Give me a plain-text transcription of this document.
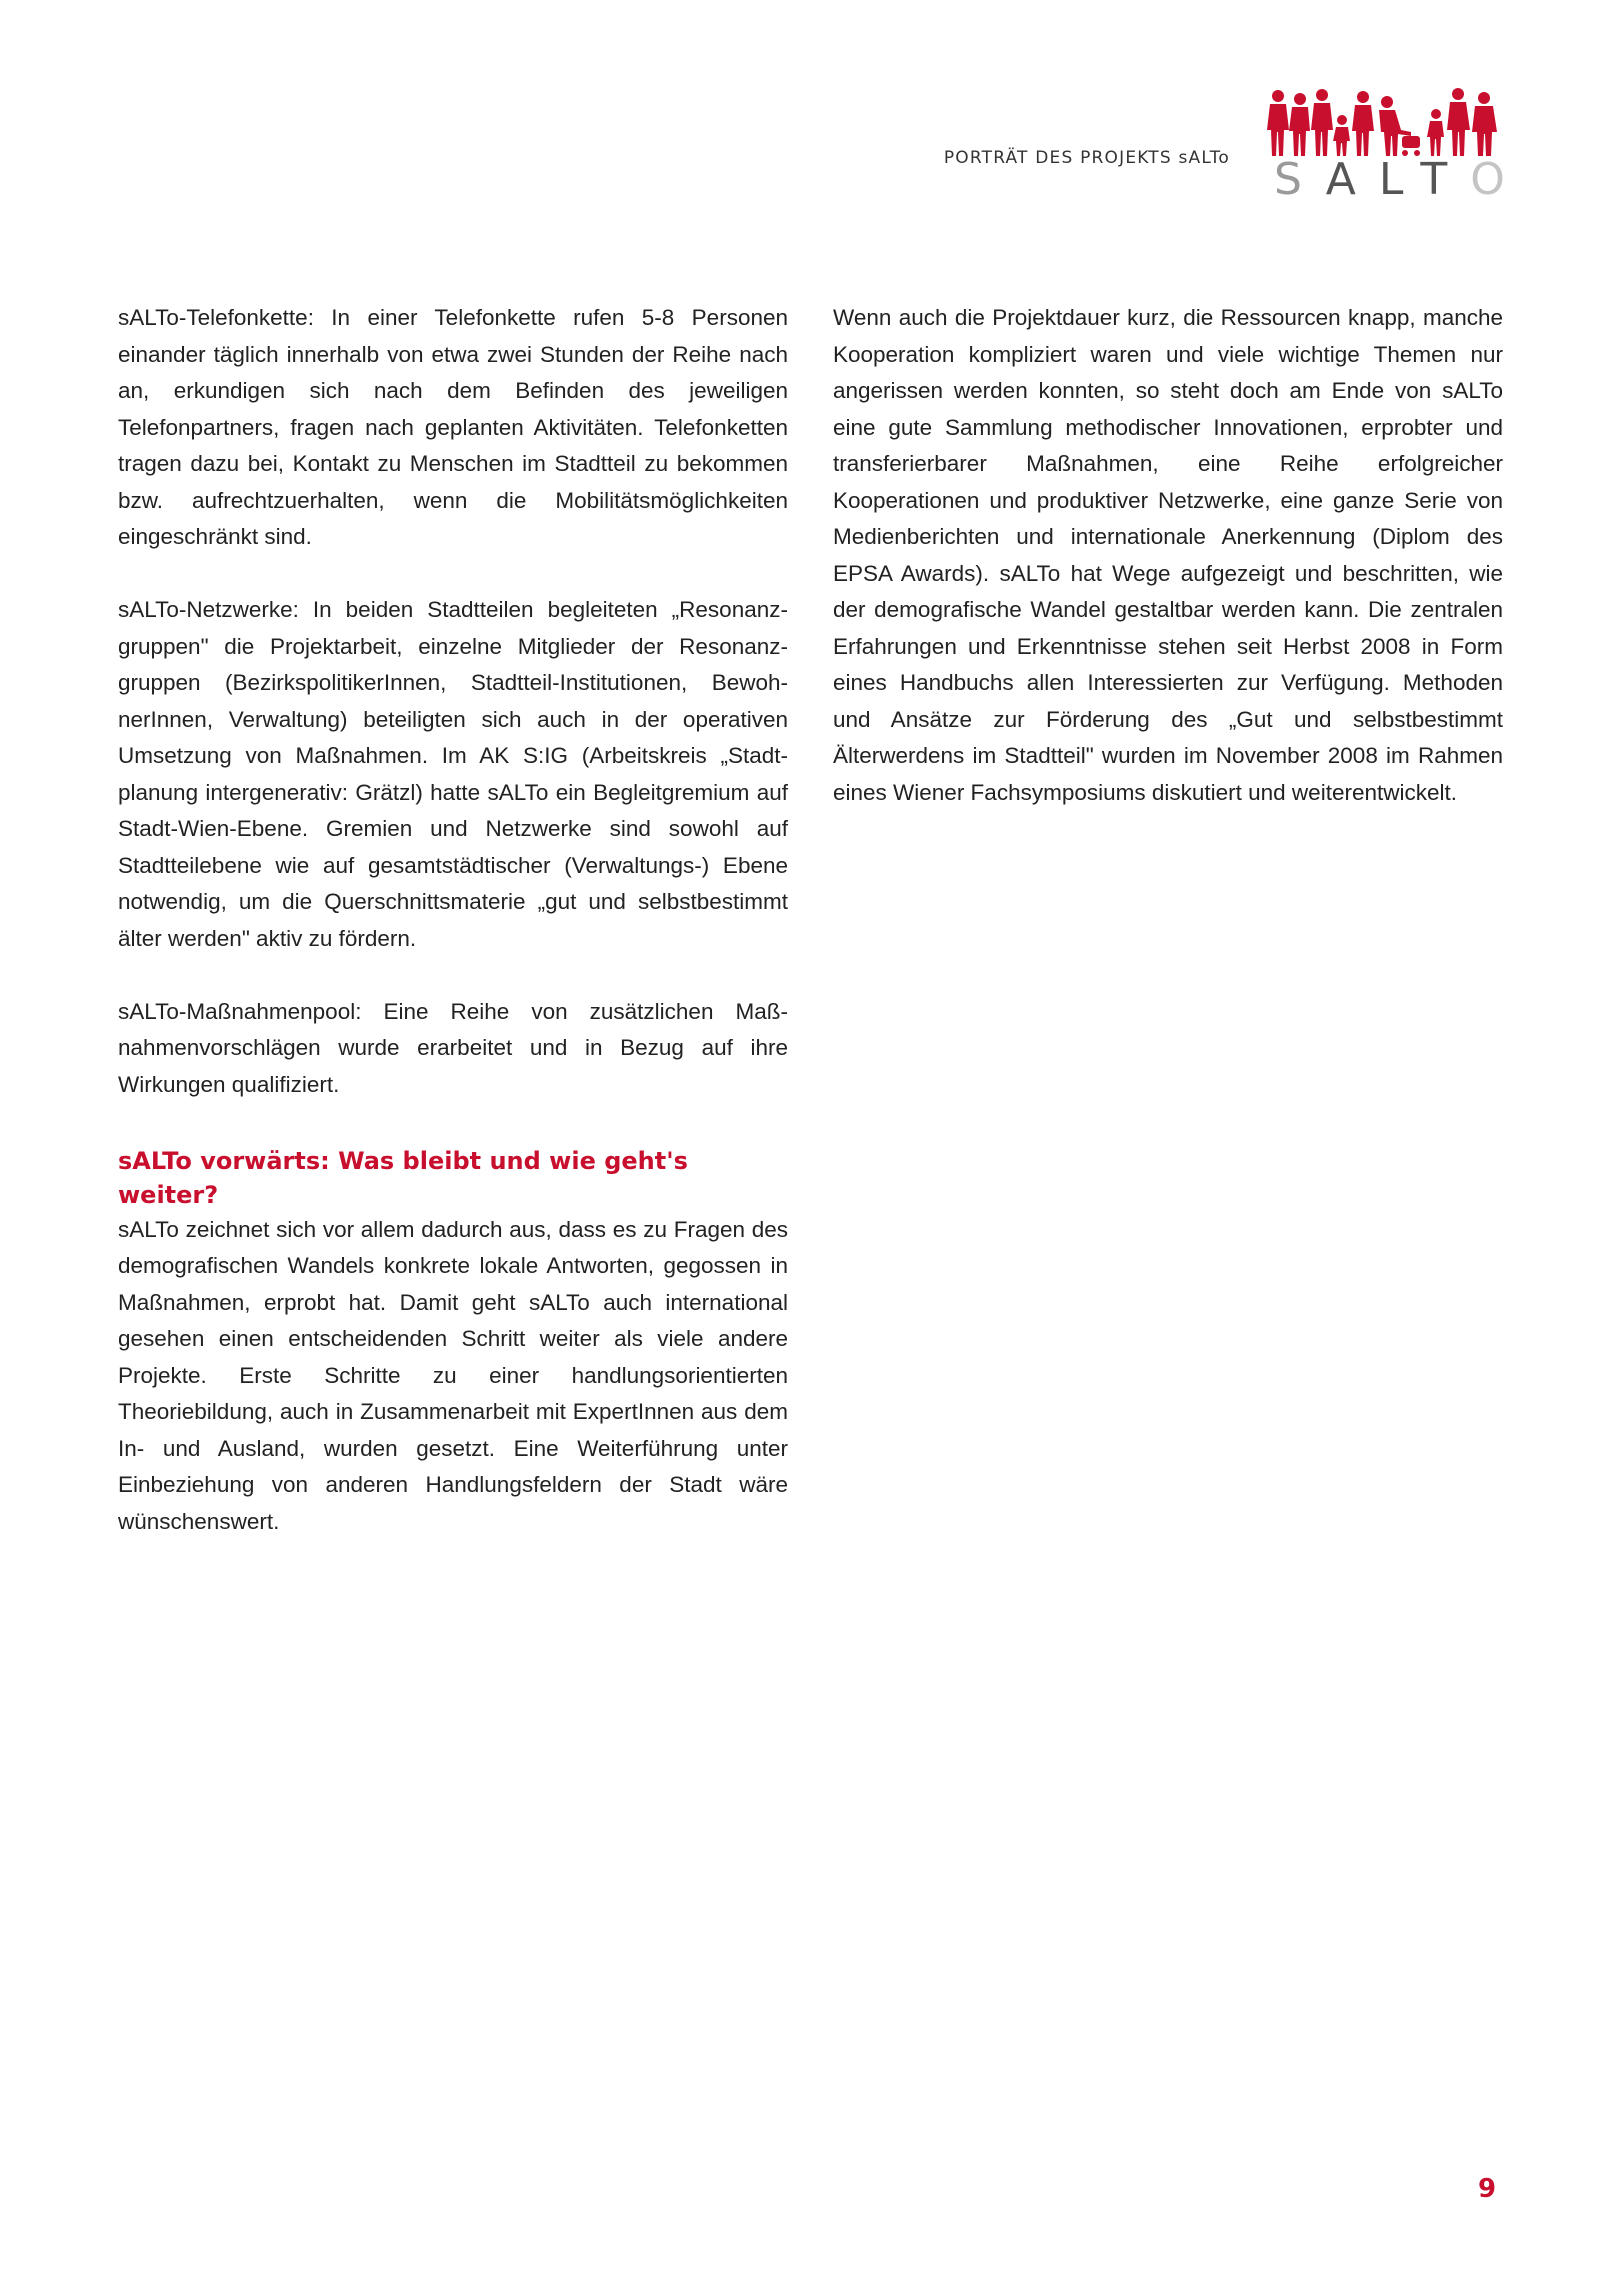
PORTRÄT DES PROJEKTS sALTo SALTO

sALTo-Telefonkette: In einer Telefonkette rufen 5-8 Personen einander täglich innerhalb von etwa zwei Stunden der Reihe nach an, erkundigen sich nach dem Befinden des jeweiligen Telefonpartners, fragen nach geplanten Aktivitäten. Telefonketten tragen dazu bei, Kontakt zu Menschen im Stadtteil zu bekommen bzw. aufrechtzuerhalten, wenn die Mobilitätsmöglichkeiten eingeschränkt sind.

sALTo-Netzwerke: In beiden Stadtteilen begleiteten „Resonanzgruppen" die Projektarbeit, einzelne Mitglieder der Resonanzgruppen (BezirkspolitikerInnen, Stadtteil-Institutionen, BewohnerInnen, Verwaltung) beteiligten sich auch in der operativen Umsetzung von Maßnahmen. Im AK S:IG (Arbeitskreis „Stadtplanung intergenerativ: Grätzl) hatte sALTo ein Begleitgremium auf Stadt-Wien-Ebene. Gremien und Netzwerke sind sowohl auf Stadtteilebene wie auf gesamtstädtischer (Verwaltungs-) Ebene notwendig, um die Querschnittsmaterie „gut und selbstbestimmt älter werden" aktiv zu fördern.

sALTo-Maßnahmenpool: Eine Reihe von zusätzlichen Maßnahmenvorschlägen wurde erarbeitet und in Bezug auf ihre Wirkungen qualifiziert.

sALTo vorwärts: Was bleibt und wie geht's weiter?

sALTo zeichnet sich vor allem dadurch aus, dass es zu Fragen des demografischen Wandels konkrete lokale Antworten, gegossen in Maßnahmen, erprobt hat. Damit geht sALTo auch international gesehen einen entscheidenden Schritt weiter als viele andere Projekte. Erste Schritte zu einer handlungsorientierten Theoriebildung, auch in Zusammenarbeit mit ExpertInnen aus dem In- und Ausland, wurden gesetzt. Eine Weiterführung unter Einbeziehung von anderen Handlungsfeldern der Stadt wäre wünschenswert.

Wenn auch die Projektdauer kurz, die Ressourcen knapp, manche Kooperation kompliziert waren und viele wichtige Themen nur angerissen werden konnten, so steht doch am Ende von sALTo eine gute Sammlung methodischer Innovationen, erprobter und transferierbarer Maßnahmen, eine Reihe erfolgreicher Kooperationen und produktiver Netzwerke, eine ganze Serie von Medienberichten und internationale Anerkennung (Diplom des EPSA Awards). sALTo hat Wege aufgezeigt und beschritten, wie der demografische Wandel gestaltbar werden kann. Die zentralen Erfahrungen und Erkenntnisse stehen seit Herbst 2008 in Form eines Handbuchs allen Interessierten zur Verfügung. Methoden und Ansätze zur Förderung des „Gut und selbstbestimmt Älterwerdens im Stadtteil" wurden im November 2008 im Rahmen eines Wiener Fachsymposiums diskutiert und weiterentwickelt.

9
